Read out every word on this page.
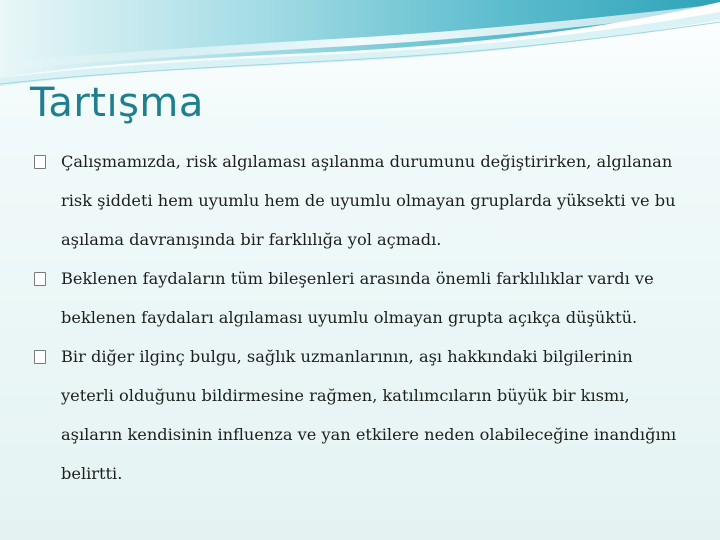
Tartışma
Çalışmamızda, risk algılaması aşılanma durumunu değiştirirken, algılanan risk şiddeti hem uyumlu hem de uyumlu olmayan gruplarda yüksekti ve bu aşılama davranışında bir farklılığa yol açmadı.
Beklenen faydaların tüm bileşenleri arasında önemli farklılıklar vardı ve beklenen faydaları algılaması uyumlu olmayan grupta açıkça düşüktü.
Bir diğer ilginç bulgu, sağlık uzmanlarının, aşı hakkındaki bilgilerinin yeterli olduğunu bildirmesine rağmen, katılımcıların büyük bir kısmı, aşıların kendisinin influenza ve yan etkilere neden olabileceğine inandığını belirtti.
